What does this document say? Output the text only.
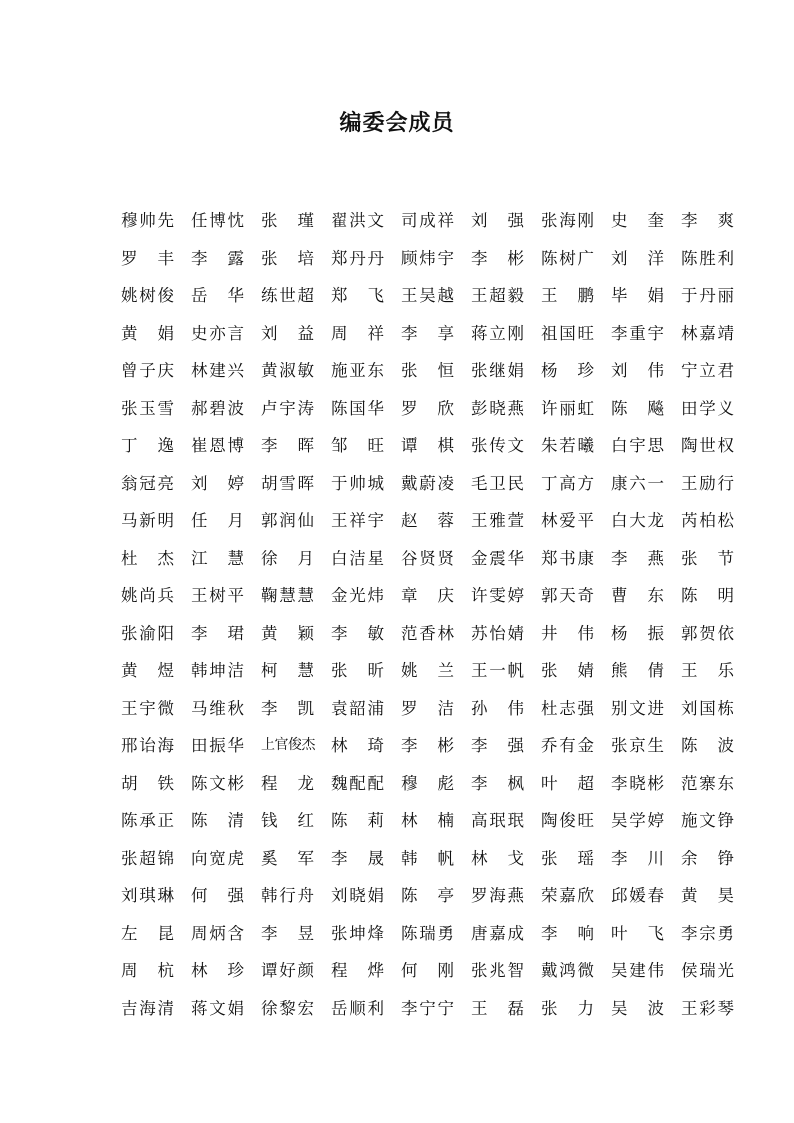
编委会成员
穆帅先 任博忱 张 瑾 翟洪文 司成祥 刘 强 张海刚 史 奎 李 爽
罗 丰 李 露 张 培 郑丹丹 顾炜宇 李 彬 陈树广 刘 洋 陈胜利
姚树俊 岳 华 练世超 郑 飞 王吴越 王超毅 王 鹏 毕 娟 于丹丽
黄 娟 史亦言 刘 益 周 祥 李 享 蒋立刚 祖国旺 李重宇 林嘉靖
曾子庆 林建兴 黄淑敏 施亚东 张 恒 张继娟 杨 珍 刘 伟 宁立君
张玉雪 郝碧波 卢宇涛 陈国华 罗 欣 彭晓燕 许丽虹 陈 飚 田学义
丁 逸 崔恩博 李 晖 邹 旺 谭 棋 张传文 朱若曦 白宇思 陶世权
翁冠亮 刘 婷 胡雪晖 于帅城 戴蔚凌 毛卫民 丁高方 康六一 王励行
马新明 任 月 郭润仙 王祥宇 赵 蓉 王雅萱 林爱平 白大龙 芮柏松
杜 杰 江 慧 徐 月 白洁星 谷贤贤 金震华 郑书康 李 燕 张 节
姚尚兵 王树平 鞠慧慧 金光炜 章 庆 许雯婷 郭天奇 曹 东 陈 明
张渝阳 李 珺 黄 颖 李 敏 范香林 苏怡婧 井 伟 杨 振 郭贺依
黄 煜 韩坤洁 柯 慧 张 昕 姚 兰 王一帆 张 婧 熊 倩 王 乐
王宇微 马维秋 李 凯 袁韶浦 罗 洁 孙 伟 杜志强 别文进 刘国栋
邢诒海 田振华 上官俊杰 林 琦 李 彬 李 强 乔有金 张京生 陈 波
胡 铁 陈文彬 程 龙 魏配配 穆 彪 李 枫 叶 超 李晓彬 范寨东
陈承正 陈 清 钱 红 陈 莉 林 楠 高珉珉 陶俊旺 吴学婷 施文铮
张超锦 向宽虎 奚 军 李 晟 韩 帆 林 戈 张 瑶 李 川 余 铮
刘琪琳 何 强 韩行舟 刘晓娟 陈 亭 罗海燕 荣嘉欣 邱媛春 黄 昊
左 昆 周炳含 李 昱 张坤烽 陈瑞勇 唐嘉成 李 响 叶 飞 李宗勇
周 杭 林 珍 谭好颜 程 烨 何 刚 张兆智 戴鸿微 吴建伟 侯瑞光
吉海清 蒋文娟 徐黎宏 岳顺利 李宁宁 王 磊 张 力 吴 波 王彩琴
